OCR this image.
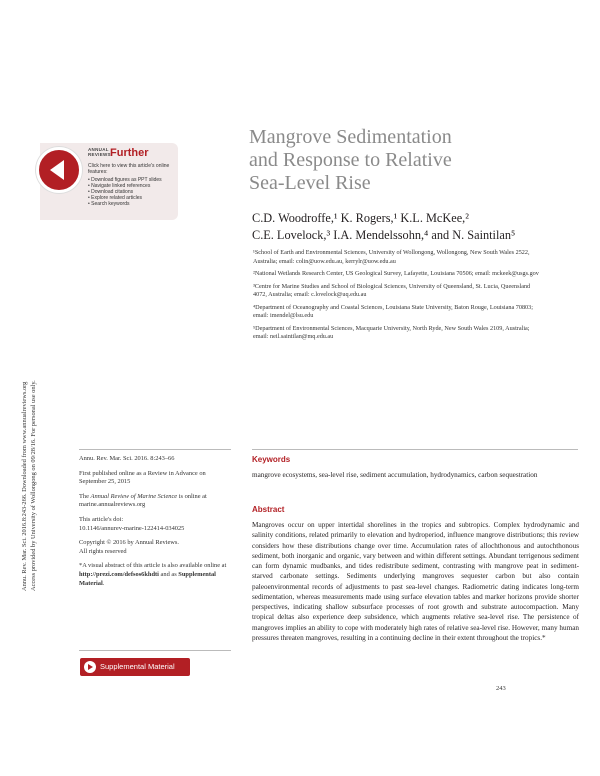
Annu. Rev. Mar. Sci. 2016.8:243-266. Downloaded from www.annualreviews.org Access provided by University of Wollongong on 09/28/16. For personal use only.
ANNUAL REVIEWS Further
Click here to view this article's online features:
• Download figures as PPT slides
• Navigate linked references
• Download citations
• Explore related articles
• Search keywords
Mangrove Sedimentation
and Response to Relative
Sea-Level Rise
C.D. Woodroffe,¹ K. Rogers,¹ K.L. McKee,²
C.E. Lovelock,³ I.A. Mendelssohn,⁴ and N. Saintilan⁵
¹School of Earth and Environmental Sciences, University of Wollongong, Wollongong, New South Wales 2522, Australia; email: colin@uow.edu.au, kerrylr@uow.edu.au
²National Wetlands Research Center, US Geological Survey, Lafayette, Louisiana 70506; email: mckeek@usgs.gov
³Centre for Marine Studies and School of Biological Sciences, University of Queensland, St. Lucia, Queensland 4072, Australia; email: c.lovelock@uq.edu.au
⁴Department of Oceanography and Coastal Sciences, Louisiana State University, Baton Rouge, Louisiana 70803; email: imendel@lsu.edu
⁵Department of Environmental Sciences, Macquarie University, North Ryde, New South Wales 2109, Australia; email: neil.saintilan@mq.edu.au

Annu. Rev. Mar. Sci. 2016. 8:243–66

First published online as a Review in Advance on September 25, 2015

The Annual Review of Marine Science is online at marine.annualreviews.org

This article's doi:
10.1146/annurev-marine-122414-034025

Copyright © 2016 by Annual Reviews.
All rights reserved

*A visual abstract of this article is also available online at http://prezi.com/defsos6khdti and as Supplemental Material.

Supplemental Material
Keywords
mangrove ecosystems, sea-level rise, sediment accumulation, hydrodynamics, carbon sequestration
Abstract
Mangroves occur on upper intertidal shorelines in the tropics and subtropics. Complex hydrodynamic and salinity conditions, related primarily to elevation and hydroperiod, influence mangrove distributions; this review considers how these distributions change over time. Accumulation rates of allochthonous and autochthonous sediment, both inorganic and organic, vary between and within different settings. Abundant terrigenous sediment can form dynamic mudbanks, and tides redistribute sediment, contrasting with mangrove peat in sediment-starved carbonate settings. Sediments underlying mangroves sequester carbon but also contain paleoenvironmental records of adjustments to past sea-level changes. Radiometric dating indicates long-term sedimentation, whereas measurements made using surface elevation tables and marker horizons provide shorter perspectives, indicating shallow subsurface processes of root growth and substrate autocompaction. Many tropical deltas also experience deep subsidence, which augments relative sea-level rise. The persistence of mangroves implies an ability to cope with moderately high rates of relative sea-level rise. However, many human pressures threaten mangroves, resulting in a continuing decline in their extent throughout the tropics.*
243
